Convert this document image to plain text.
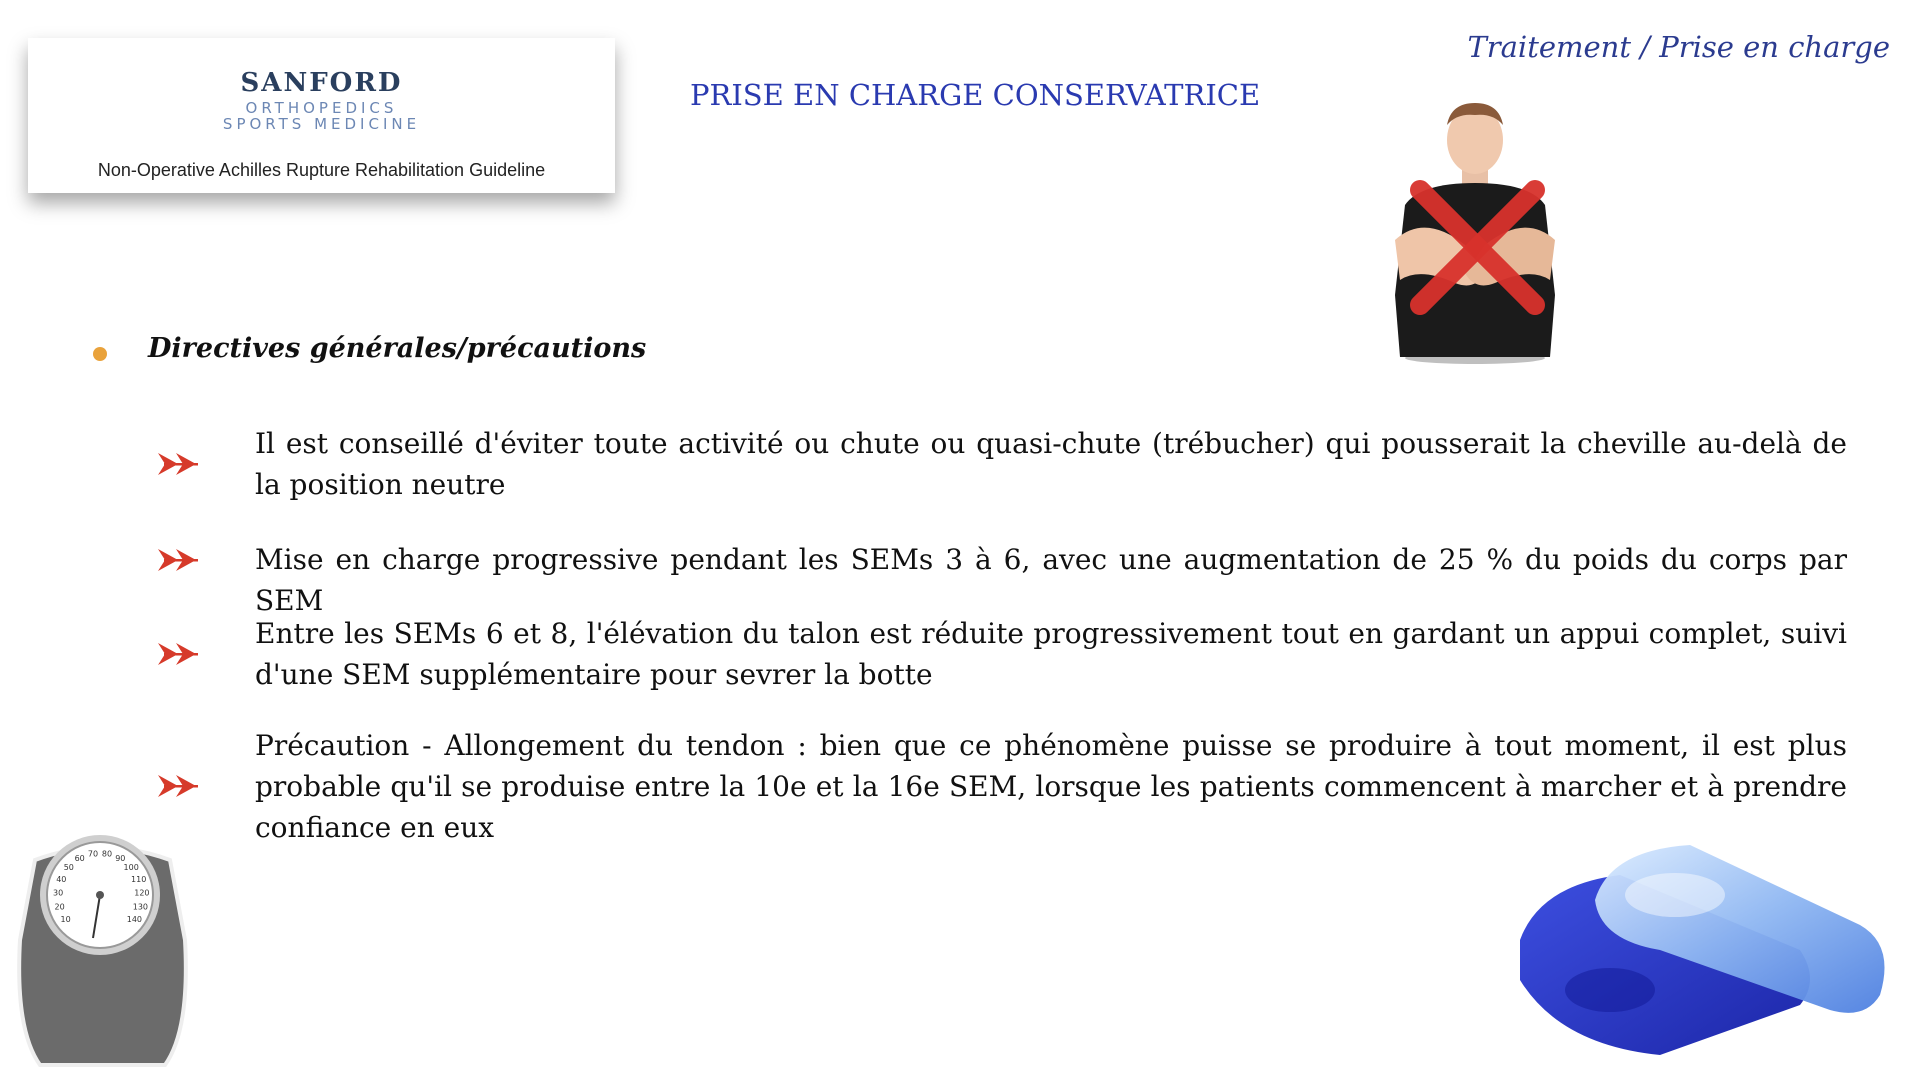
Traitement / Prise en charge
SANFORD
ORTHOPEDICS
SPORTS MEDICINE
Non-Operative Achilles Rupture Rehabilitation Guideline
PRISE EN CHARGE CONSERVATRICE
Directives générales/précautions
Il est conseillé d'éviter toute activité ou chute ou quasi-chute (trébucher) qui pousserait la cheville au-delà de la position neutre
Mise en charge progressive pendant les SEMs 3 à 6, avec une augmentation de 25 % du poids du corps par SEM
Entre les SEMs 6 et 8, l'élévation du talon est réduite progressivement tout en gardant un appui complet, suivi d'une SEM supplémentaire pour sevrer la botte
Précaution - Allongement du tendon : bien que ce phénomène puisse se produire à tout moment, il est plus probable qu'il se produise entre la 10e et la 16e SEM, lorsque les patients commencent à marcher et à prendre confiance en eux
10
20
30
40
50
60
70 80
90
100
110
120
130
140
